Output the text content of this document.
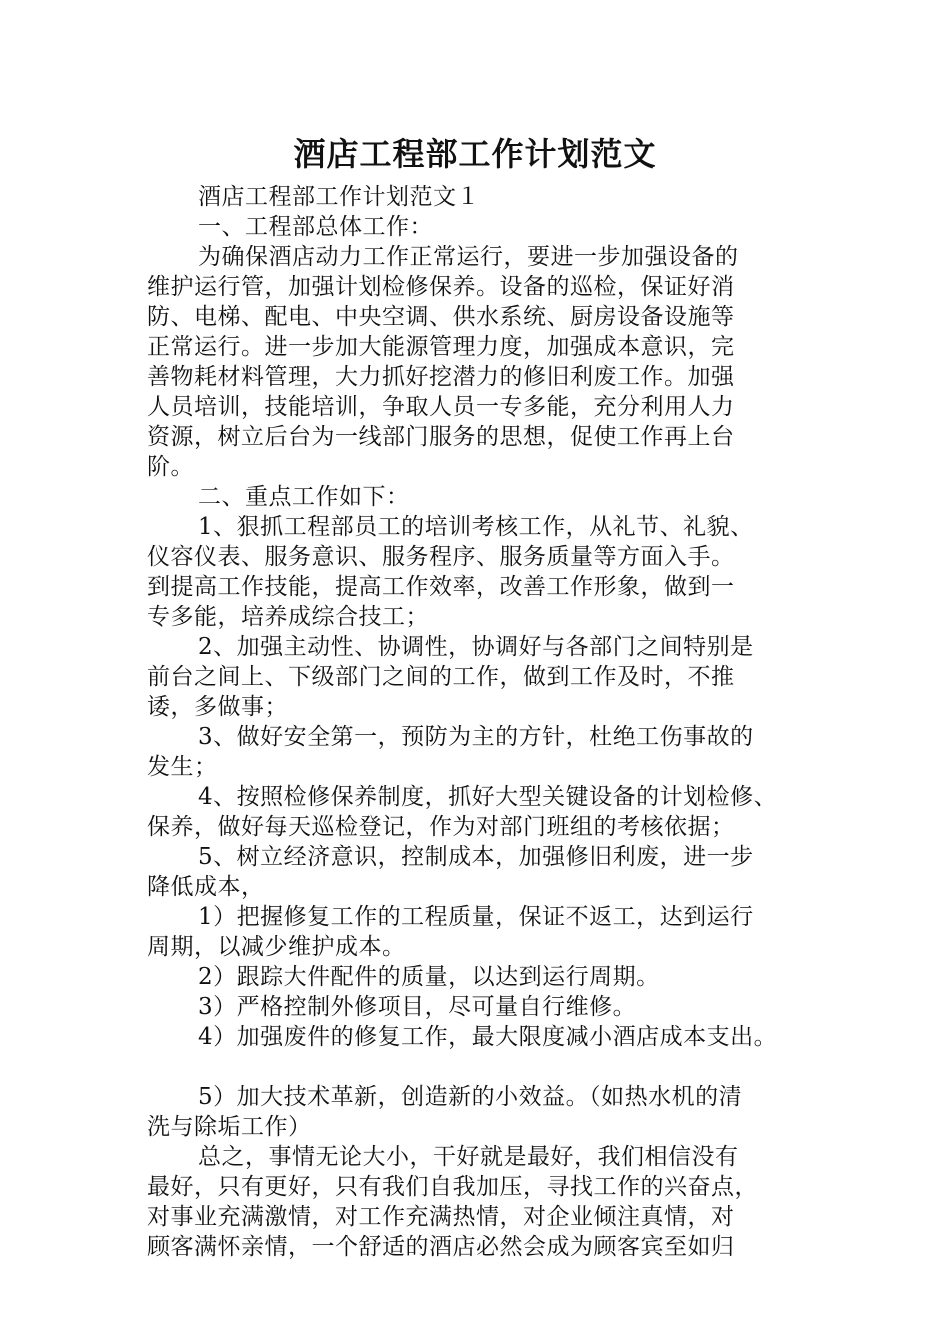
酒店工程部工作计划范文
酒店工程部工作计划范文１
一、工程部总体工作：
为确保酒店动力工作正常运行，要进一步加强设备的
维护运行管，加强计划检修保养。设备的巡检，保证好消
防、电梯、配电、中央空调、供水系统、厨房设备设施等
正常运行。进一步加大能源管理力度，加强成本意识，完
善物耗材料管理，大力抓好挖潜力的修旧利废工作。加强
人员培训，技能培训，争取人员一专多能，充分利用人力
资源，树立后台为一线部门服务的思想，促使工作再上台
阶。
二、重点工作如下：
1、狠抓工程部员工的培训考核工作，从礼节、礼貌、
仪容仪表、服务意识、服务程序、服务质量等方面入手。
到提高工作技能，提高工作效率，改善工作形象，做到一
专多能，培养成综合技工；
2、加强主动性、协调性，协调好与各部门之间特别是
前台之间上、下级部门之间的工作，做到工作及时，不推
诿，多做事；
3、做好安全第一，预防为主的方针，杜绝工伤事故的
发生；
4、按照检修保养制度，抓好大型关键设备的计划检修、
保养，做好每天巡检登记，作为对部门班组的考核依据；
5、树立经济意识，控制成本，加强修旧利废，进一步
降低成本，
1）把握修复工作的工程质量，保证不返工，达到运行
周期，以减少维护成本。
2）跟踪大件配件的质量，以达到运行周期。
3）严格控制外修项目，尽可量自行维修。
4）加强废件的修复工作，最大限度减小酒店成本支出。
5）加大技术革新，创造新的小效益。（如热水机的清
洗与除垢工作）
总之，事情无论大小，干好就是最好，我们相信没有
最好，只有更好，只有我们自我加压，寻找工作的兴奋点，
对事业充满激情，对工作充满热情，对企业倾注真情，对
顾客满怀亲情，一个舒适的酒店必然会成为顾客宾至如归
